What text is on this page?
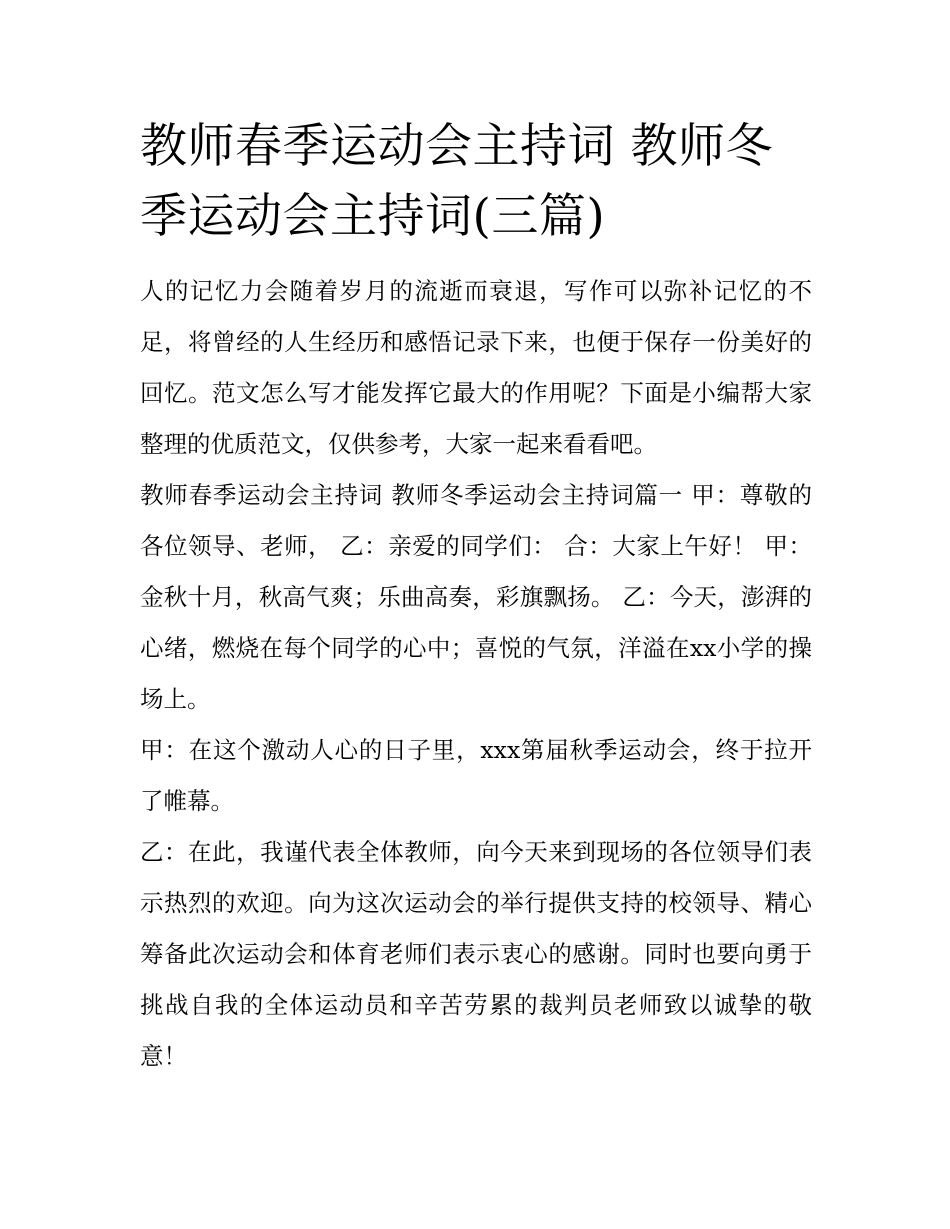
教师春季运动会主持词 教师冬季运动会主持词(三篇)

人的记忆力会随着岁月的流逝而衰退，写作可以弥补记忆的不足，将曾经的人生经历和感悟记录下来，也便于保存一份美好的回忆。范文怎么写才能发挥它最大的作用呢？下面是小编帮大家整理的优质范文，仅供参考，大家一起来看看吧。

教师春季运动会主持词 教师冬季运动会主持词篇一 甲：尊敬的各位领导、老师， 乙：亲爱的同学们： 合：大家上午好！ 甲：金秋十月，秋高气爽；乐曲高奏，彩旗飘扬。 乙：今天，澎湃的心绪，燃烧在每个同学的心中；喜悦的气氛，洋溢在xx小学的操场上。

甲：在这个激动人心的日子里，xxx第届秋季运动会，终于拉开了帷幕。

乙：在此，我谨代表全体教师，向今天来到现场的各位领导们表示热烈的欢迎。向为这次运动会的举行提供支持的校领导、精心筹备此次运动会和体育老师们表示衷心的感谢。同时也要向勇于挑战自我的全体运动员和辛苦劳累的裁判员老师致以诚挚的敬意！
